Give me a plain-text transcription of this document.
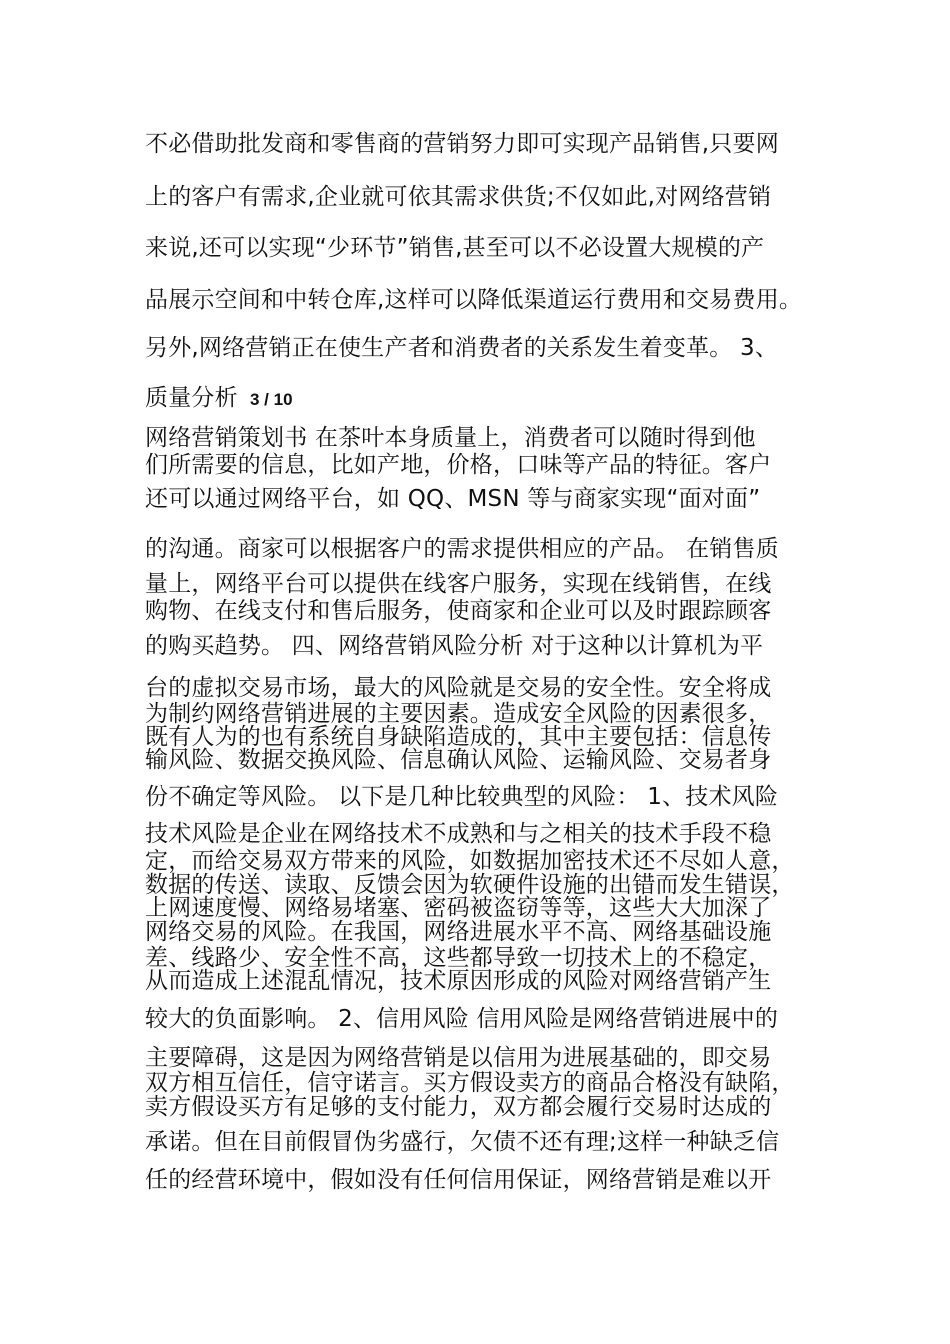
不必借助批发商和零售商的营销努力即可实现产品销售,只要网
上的客户有需求,企业就可依其需求供货;不仅如此,对网络营销
来说,还可以实现“少环节”销售,甚至可以不必设置大规模的产
品展示空间和中转仓库,这样可以降低渠道运行费用和交易费用。
另外,网络营销正在使生产者和消费者的关系发生着变革。 3、
质量分析 3 / 10
网络营销策划书 在茶叶本身质量上，消费者可以随时得到他
们所需要的信息，比如产地，价格，口味等产品的特征。客户
还可以通过网络平台，如 QQ、MSN 等与商家实现“面对面”
的沟通。商家可以根据客户的需求提供相应的产品。 在销售质
量上，网络平台可以提供在线客户服务，实现在线销售，在线
购物、在线支付和售后服务，使商家和企业可以及时跟踪顾客
的购买趋势。 四、网络营销风险分析 对于这种以计算机为平
台的虚拟交易市场，最大的风险就是交易的安全性。安全将成
为制约网络营销进展的主要因素。造成安全风险的因素很多，
既有人为的也有系统自身缺陷造成的，其中主要包括：信息传
输风险、数据交换风险、信息确认风险、运输风险、交易者身
份不确定等风险。 以下是几种比较典型的风险： 1、技术风险
技术风险是企业在网络技术不成熟和与之相关的技术手段不稳
定，而给交易双方带来的风险，如数据加密技术还不尽如人意，
数据的传送、读取、反馈会因为软硬件设施的出错而发生错误，
上网速度慢、网络易堵塞、密码被盗窃等等，这些大大加深了
网络交易的风险。在我国，网络进展水平不高、网络基础设施
差、线路少、安全性不高，这些都导致一切技术上的不稳定，
从而造成上述混乱情况，技术原因形成的风险对网络营销产生
较大的负面影响。 2、信用风险 信用风险是网络营销进展中的
主要障碍，这是因为网络营销是以信用为进展基础的，即交易
双方相互信任，信守诺言。买方假设卖方的商品合格没有缺陷，
卖方假设买方有足够的支付能力，双方都会履行交易时达成的
承诺。但在目前假冒伪劣盛行，欠债不还有理;这样一种缺乏信
任的经营环境中，假如没有任何信用保证，网络营销是难以开
